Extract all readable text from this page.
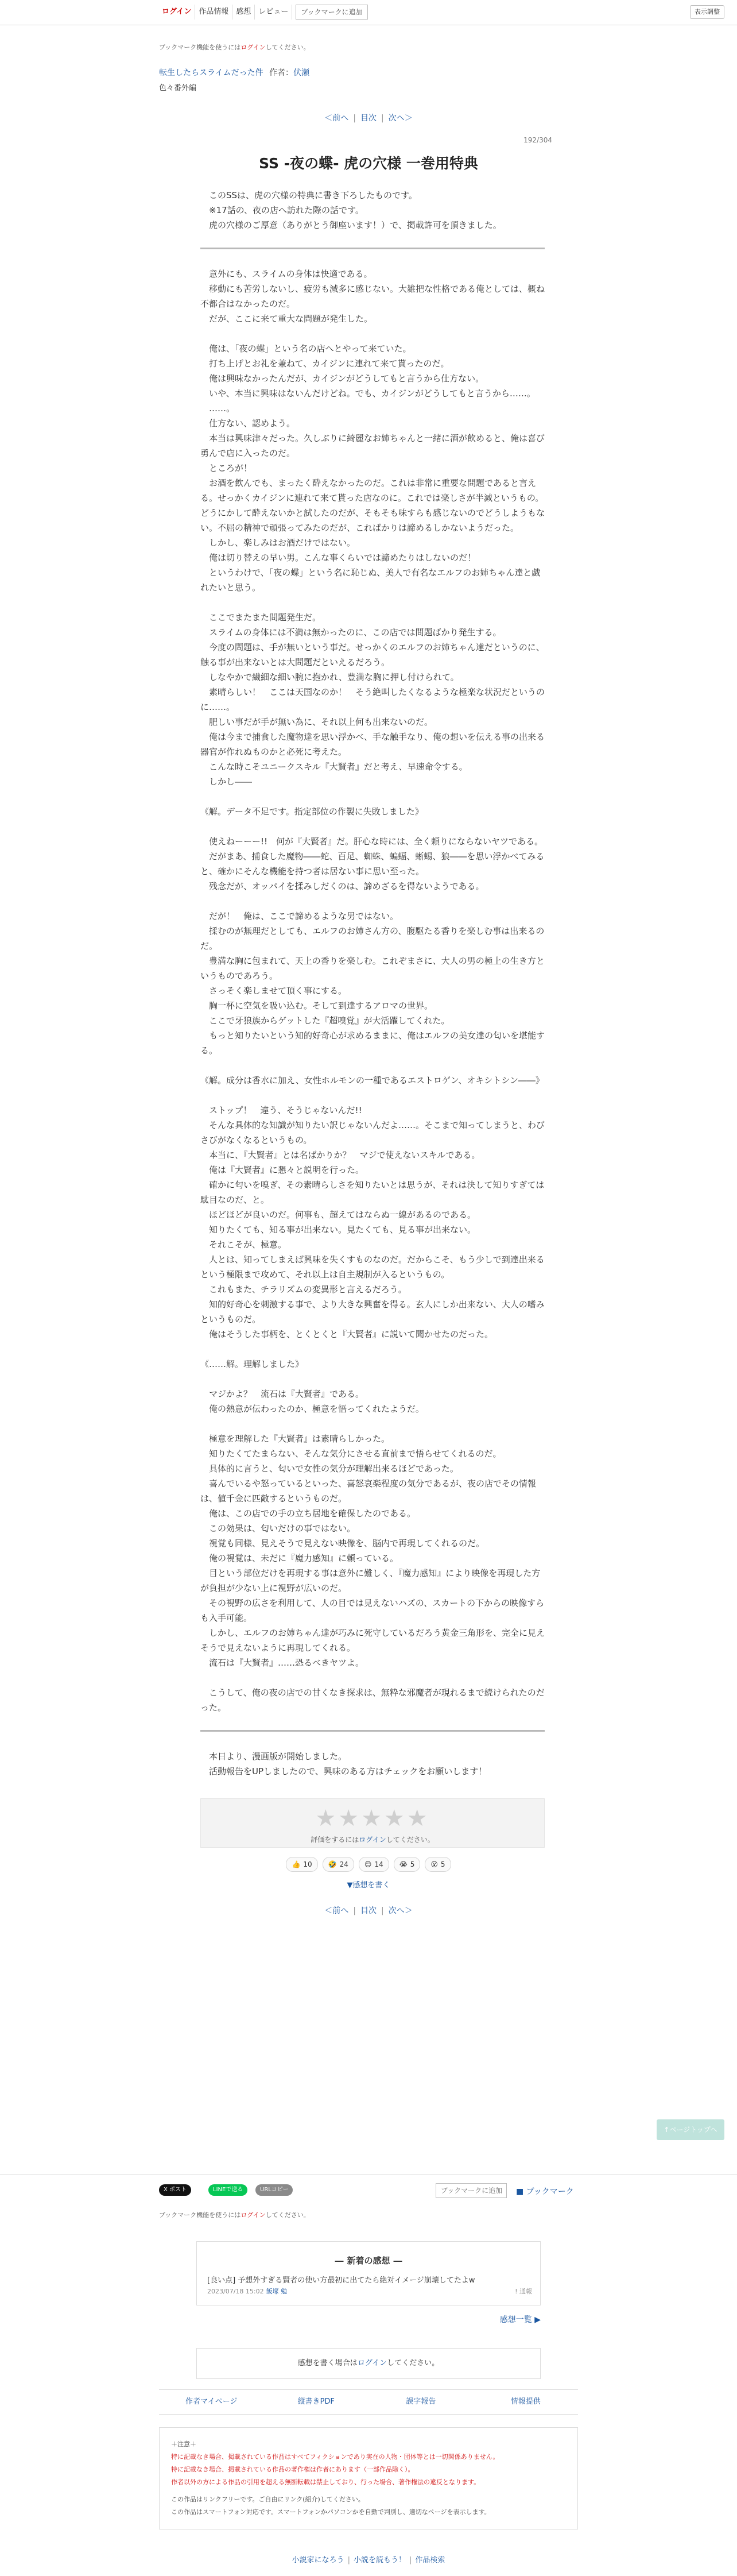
ログイン	作品情報	感想	レビュー	ブックマークに追加	表示調整
ブックマーク機能を使うにはログインしてください。
転生したらスライムだった件 作者：伏瀬
色々番外編
＜前へ | 目次 | 次へ＞
192/304
SS -夜の蝶- 虎の穴様 一巻用特典

　このSSは、虎の穴様の特典に書き下ろしたものです。

　※17話の、夜の店へ訪れた際の話です。

　虎の穴様のご厚意（ありがとう御座います！）で、掲載許可を頂きました。

　意外にも、スライムの身体は快適である。

　移動にも苦労しないし、疲労も減多に感じない。大雑把な性格である俺としては、概ね不都合はなかったのだ。

　だが、ここに来て重大な問題が発生した。

　俺は、「夜の蝶」という名の店へとやって来ていた。

　打ち上げとお礼を兼ねて、カイジンに連れて来て貰ったのだ。

　俺は興味なかったんだが、カイジンがどうしてもと言うから仕方ない。

　いや、本当に興味はないんだけどね。でも、カイジンがどうしてもと言うから……。

　……。

　仕方ない、認めよう。

　本当は興味津々だった。久しぶりに綺麗なお姉ちゃんと一緒に酒が飲めると、俺は喜び勇んで店に入ったのだ。

　ところが！

　お酒を飲んでも、まったく酔えなかったのだ。これは非常に重要な問題であると言える。せっかくカイジンに連れて来て貰った店なのに。これでは楽しさが半減というもの。どうにかして酔えないかと試したのだが、そもそも味すらも感じないのでどうしようもない。不屈の精神で頑張ってみたのだが、こればかりは諦めるしかないようだった。

　しかし、楽しみはお酒だけではない。

　俺は切り替えの早い男。こんな事くらいでは諦めたりはしないのだ！

　というわけで、「夜の蝶」という名に恥じぬ、美人で有名なエルフのお姉ちゃん達と戯れたいと思う。

　ここでまたまた問題発生だ。

　スライムの身体には不満は無かったのに、この店では問題ばかり発生する。

　今度の問題は、手が無いという事だ。せっかくのエルフのお姉ちゃん達だというのに、触る事が出来ないとは大問題だといえるだろう。

　しなやかで繊細な細い腕に抱かれ、豊満な胸に押し付けられて。

　素晴らしい！　ここは天国なのか！　そう絶叫したくなるような極楽な状況だというのに……。

　肥しい事だが手が無い為に、それ以上何も出来ないのだ。

　俺は今まで捕食した魔物達を思い浮かべ、手な触手なり、俺の想いを伝える事の出来る器官が作れぬものかと必死に考えた。

　こんな時こそユニークスキル『大賢者』だと考え、早速命令する。

　しかし――

《解。データ不足です。指定部位の作製に失敗しました》

　使えねーーー!!　何が『大賢者』だ。肝心な時には、全く頼りにならないヤツである。

　だがまあ、捕食した魔物――蛇、百足、蜘蛛、蝙蝠、蜥蜴、狼――を思い浮かべてみると、確かにそんな機能を持つ者は居ない事に思い至った。

　残念だが、オッパイを揉みしだくのは、諦めざるを得ないようである。

　だが！　俺は、ここで諦めるような男ではない。

　揉むのが無理だとしても、エルフのお姉さん方の、腹駆たる香りを楽しむ事は出来るのだ。

　豊満な胸に包まれて、天上の香りを楽しむ。これぞまさに、大人の男の極上の生き方というものであろう。

　さっそく楽しませて頂く事にする。

　胸一杯に空気を吸い込む。そして到達するアロマの世界。

　ここで牙狼族からゲットした『超嗅覚』が大活躍してくれた。

　もっと知りたいという知的好奇心が求めるままに、俺はエルフの美女達の匂いを堪能する。

《解。成分は香水に加え、女性ホルモンの一種であるエストロゲン、オキシトシン――》

　ストップ！　違う、そうじゃないんだ!!

　そんな具体的な知識が知りたい訳じゃないんだよ……。そこまで知ってしまうと、わびさびがなくなるというもの。

　本当に、『大賢者』とは名ばかりか？　マジで使えないスキルである。

　俺は『大賢者』に懇々と説明を行った。

　確かに匂いを嗅ぎ、その素晴らしさを知りたいとは思うが、それは決して知りすぎては駄目なのだ、と。

　ほどほどが良いのだ。何事も、超えてはならぬ一線があるのである。

　知りたくても、知る事が出来ない。見たくても、見る事が出来ない。

　それこそが、極意。

　人とは、知ってしまえば興味を失くすものなのだ。だからこそ、もう少しで到達出来るという極限まで攻めて、それ以上は自主規制が入るというもの。

　これもまた、チラリズムの変異形と言えるだろう。

　知的好奇心を刺激する事で、より大きな興奮を得る。玄人にしか出来ない、大人の嗜みというものだ。

　俺はそうした事柄を、とくとくと『大賢者』に説いて聞かせたのだった。

《……解。理解しました》

　マジかよ？　流石は『大賢者』である。

　俺の熱意が伝わったのか、極意を悟ってくれたようだ。

　極意を理解した『大賢者』は素晴らしかった。

　知りたくてたまらない、そんな気分にさせる直前まで悟らせてくれるのだ。

　具体的に言うと、匂いで女性の気分が理解出来るほどであった。

　喜んでいるや怒っているといった、喜怒哀楽程度の気分であるが、夜の店でその情報は、値千金に匹敵するというものだ。

　俺は、この店での手の立ち居地を確保したのである。

　この効果は、匂いだけの事ではない。

　視覚も同様、見えそうで見えない映像を、脳内で再現してくれるのだ。

　俺の視覚は、未だに『魔力感知』に頼っている。

　目という部位だけを再現する事は意外に難しく、『魔力感知』により映像を再現した方が負担が少ない上に視野が広いのだ。

　その視野の広さを利用して、人の目では見えないハズの、スカートの下からの映像すらも入手可能。

　しかし、エルフのお姉ちゃん達が巧みに死守しているだろう黄金三角形を、完全に見えそうで見えないように再現してくれる。

　流石は『大賢者』……恐るべきヤツよ。

　こうして、俺の夜の店での甘くなき探求は、無粋な邪魔者が現れるまで続けられたのだった。

　本日より、漫画版が開始しました。

　活動報告をUPしましたので、興味のある方はチェックをお願いします！

★★★★★
評価をするにはログインしてください。
👍 10 🤣 24 😊 14 😭 5 😮 5
▼感想を書く
＜前へ | 目次 | 次へ＞
↑ページトップへ
X ポスト	LINEで送る	URLコピー	ブックマークに追加	■ ブックマーク
ブックマーク機能を使うにはログインしてください。
― 新着の感想 ―
[良い点] 予想外すぎる賢者の使い方最初に出てたら絶対イメージ崩壊してたよw
2023/07/18 15:02 飯塚 勉	! 通報
感想一覧 ▶
感想を書く場合はログインしてください。
作者マイページ	縦書きPDF	誤字報告	情報提供
＋注意＋
特に記載なき場合、掲載されている作品はすべてフィクションであり実在の人物・団体等とは一切関係ありません。
特に記載なき場合、掲載されている作品の著作権は作者にあります（一部作品除く）。
作者以外の方による作品の引用を超える無断転載は禁止しており、行った場合、著作権法の違反となります。
この作品はリンクフリーです。ご自由にリンク(紹介)してください。
この作品はスマートフォン対応です。スマートフォンかパソコンかを自動で判別し、適切なページを表示します。
小説家になろう | 小説を読もう！ | 作品検索
